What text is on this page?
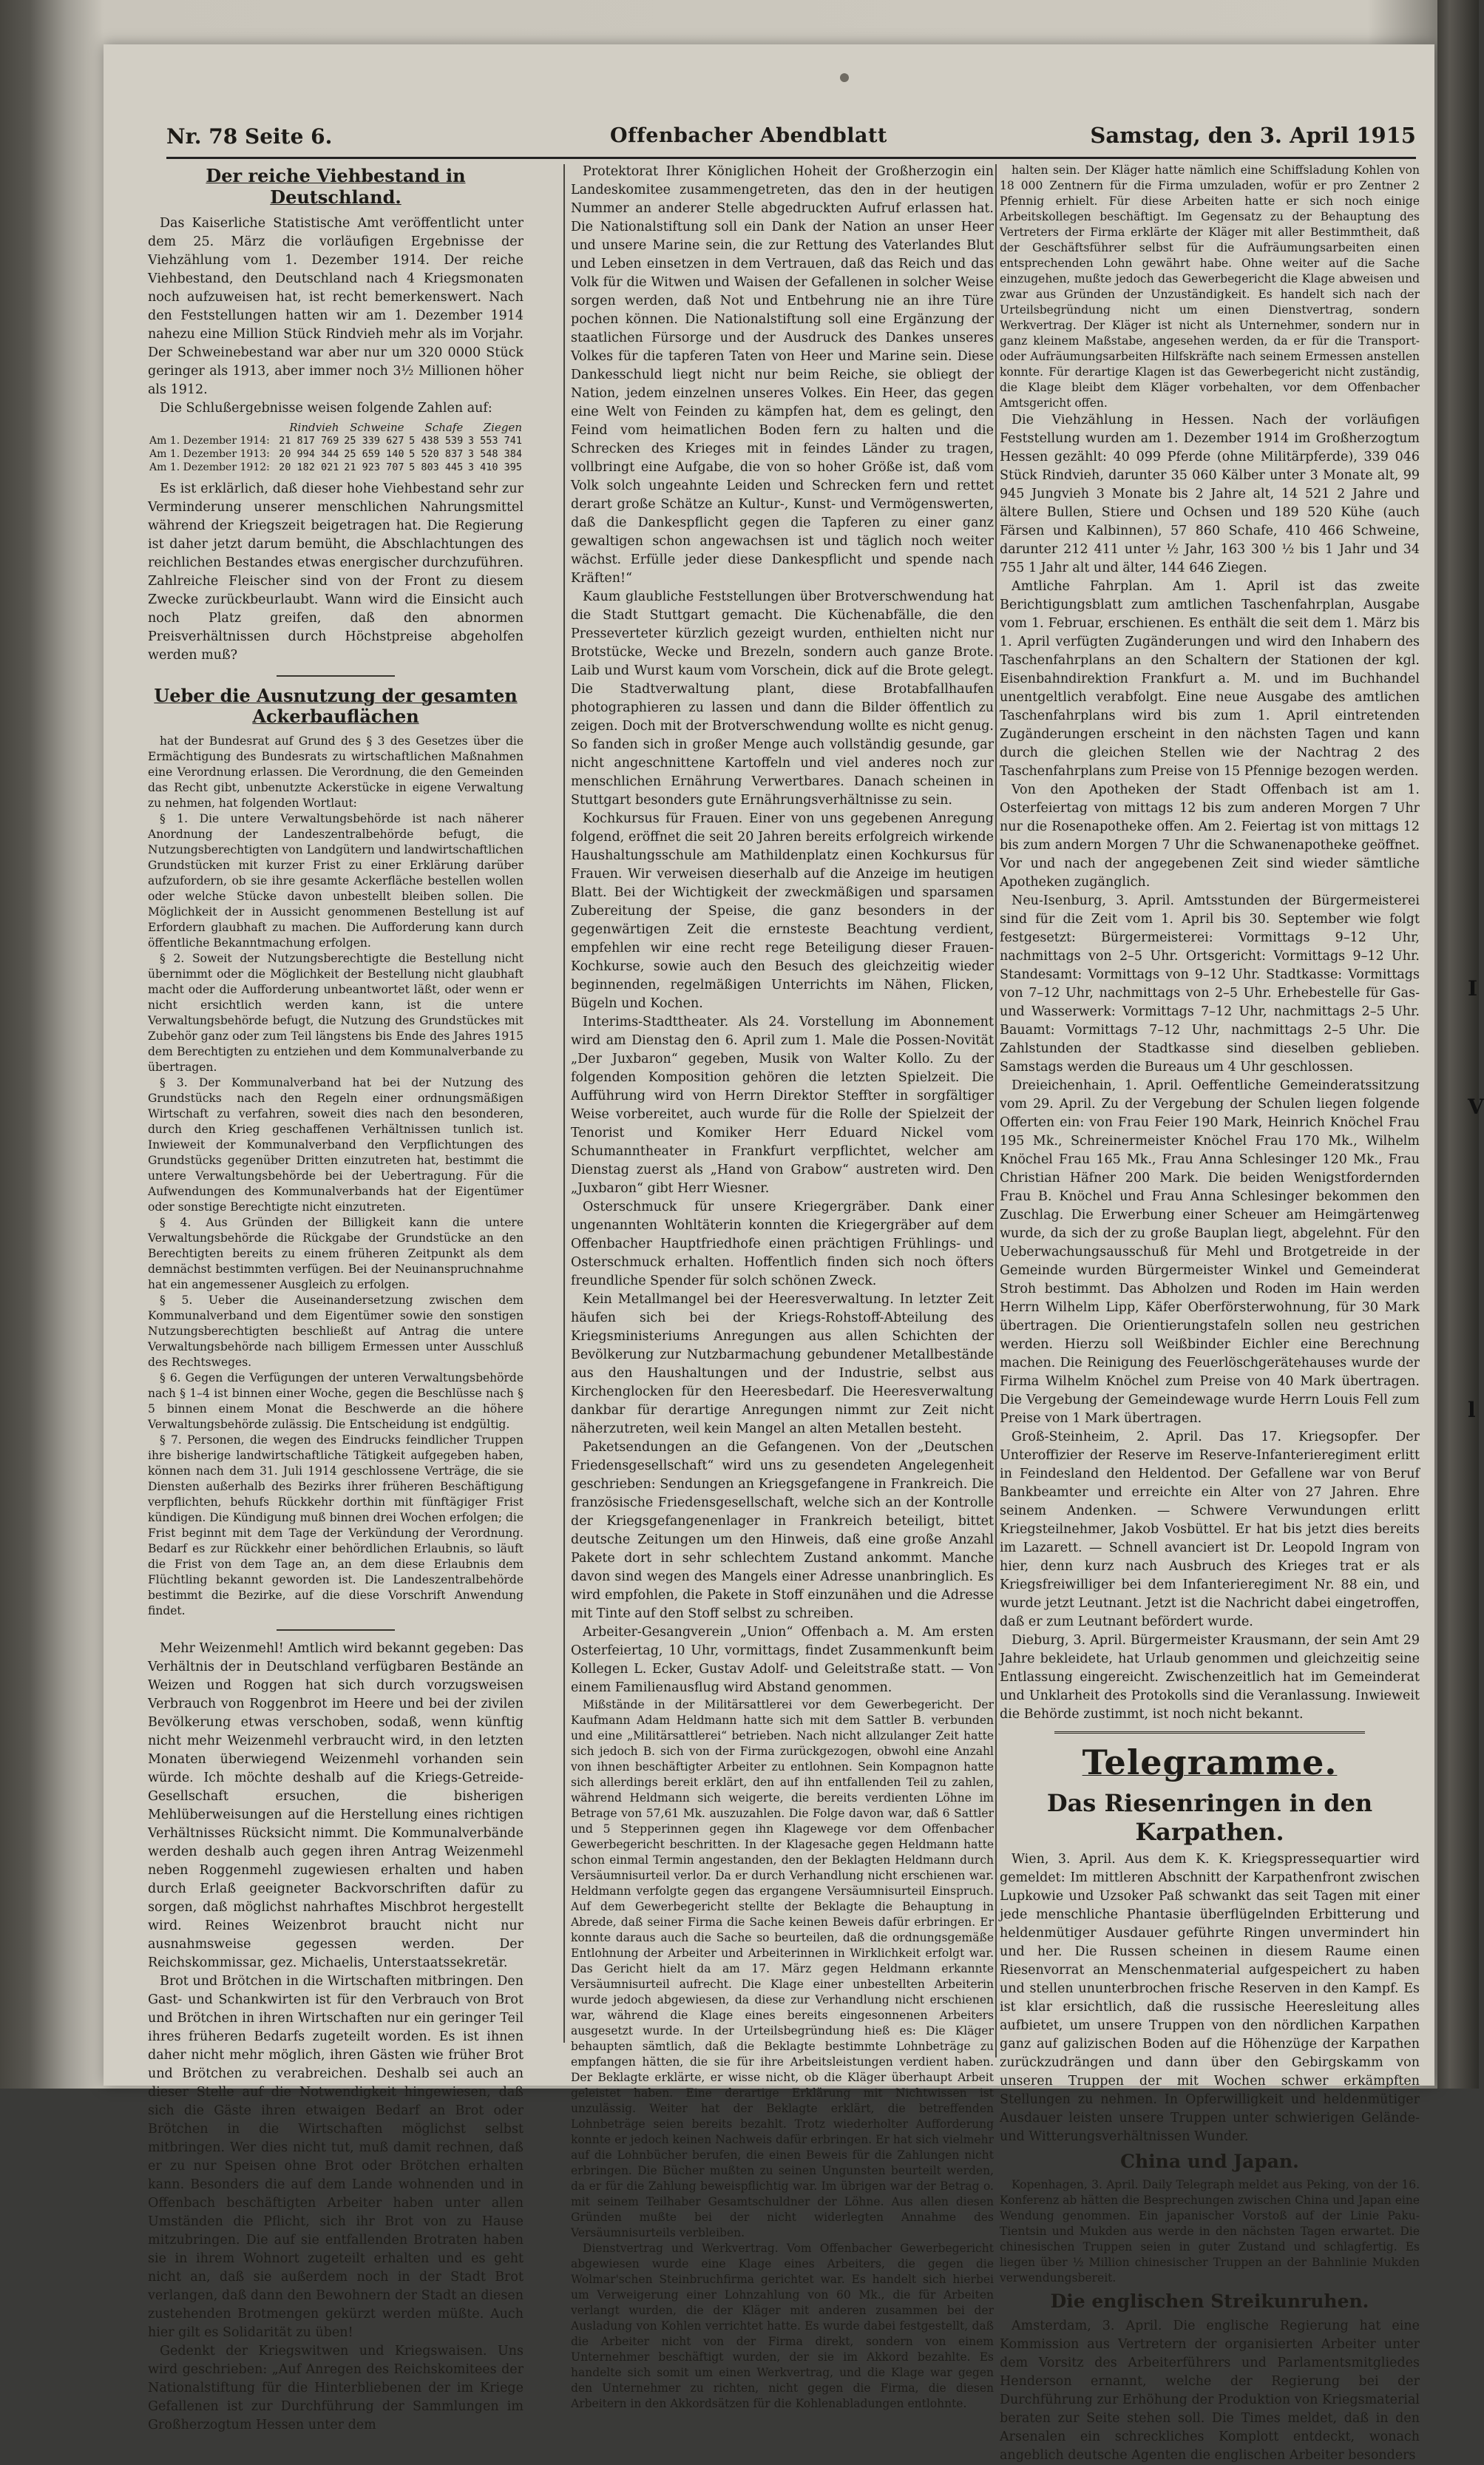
I
V
l
Nr. 78 Seite 6.	Offenbacher Abendblatt	Samstag, den 3. April 1915
Der reiche Viehbestand in Deutschland.

Das Kaiserliche Statistische Amt veröffentlicht unter dem 25. März die vorläufigen Ergebnisse der Viehzählung vom 1. Dezember 1914. Der reiche Viehbestand, den Deutschland nach 4 Kriegsmonaten noch aufzuweisen hat, ist recht bemerkenswert. Nach den Feststellungen hatten wir am 1. Dezember 1914 nahezu eine Million Stück Rindvieh mehr als im Vorjahr. Der Schweinebestand war aber nur um 320 0000 Stück geringer als 1913, aber immer noch 3½ Millionen höher als 1912.

Die Schlußergebnisse weisen folgende Zahlen auf:

	Rindvieh	Schweine	Schafe	Ziegen
Am 1. Dezember 1914:	21 817 769	25 339 627	5 438 539	3 553 741
Am 1. Dezember 1913:	20 994 344	25 659 140	5 520 837	3 548 384
Am 1. Dezember 1912:	20 182 021	21 923 707	5 803 445	3 410 395

Es ist erklärlich, daß dieser hohe Viehbestand sehr zur Verminderung unserer menschlichen Nahrungsmittel während der Kriegszeit beigetragen hat. Die Regierung ist daher jetzt darum bemüht, die Abschlachtungen des reichlichen Bestandes etwas energischer durchzuführen. Zahlreiche Fleischer sind von der Front zu diesem Zwecke zurückbeurlaubt. Wann wird die Einsicht auch noch Platz greifen, daß den abnormen Preisverhältnissen durch Höchstpreise abgeholfen werden muß?

Ueber die Ausnutzung der gesamten Ackerbauflächen

hat der Bundesrat auf Grund des § 3 des Gesetzes über die Ermächtigung des Bundesrats zu wirtschaftlichen Maßnahmen eine Verordnung erlassen. Die Verordnung, die den Gemeinden das Recht gibt, unbenutzte Ackerstücke in eigene Verwaltung zu nehmen, hat folgenden Wortlaut:

§ 1. Die untere Verwaltungsbehörde ist nach näherer Anordnung der Landeszentralbehörde befugt, die Nutzungsberechtigten von Landgütern und landwirtschaftlichen Grundstücken mit kurzer Frist zu einer Erklärung darüber aufzufordern, ob sie ihre gesamte Ackerfläche bestellen wollen oder welche Stücke davon unbestellt bleiben sollen. Die Möglichkeit der in Aussicht genommenen Bestellung ist auf Erfordern glaubhaft zu machen. Die Aufforderung kann durch öffentliche Bekanntmachung erfolgen.

§ 2. Soweit der Nutzungsberechtigte die Bestellung nicht übernimmt oder die Möglichkeit der Bestellung nicht glaubhaft macht oder die Aufforderung unbeantwortet läßt, oder wenn er nicht ersichtlich werden kann, ist die untere Verwaltungsbehörde befugt, die Nutzung des Grundstückes mit Zubehör ganz oder zum Teil längstens bis Ende des Jahres 1915 dem Berechtigten zu entziehen und dem Kommunalverbande zu übertragen.

§ 3. Der Kommunalverband hat bei der Nutzung des Grundstücks nach den Regeln einer ordnungsmäßigen Wirtschaft zu verfahren, soweit dies nach den besonderen, durch den Krieg geschaffenen Verhältnissen tunlich ist. Inwieweit der Kommunalverband den Verpflichtungen des Grundstücks gegenüber Dritten einzutreten hat, bestimmt die untere Verwaltungsbehörde bei der Uebertragung. Für die Aufwendungen des Kommunalverbands hat der Eigentümer oder sonstige Berechtigte nicht einzutreten.

§ 4. Aus Gründen der Billigkeit kann die untere Verwaltungsbehörde die Rückgabe der Grundstücke an den Berechtigten bereits zu einem früheren Zeitpunkt als dem demnächst bestimmten verfügen. Bei der Neuinanspruchnahme hat ein angemessener Ausgleich zu erfolgen.

§ 5. Ueber die Auseinandersetzung zwischen dem Kommunalverband und dem Eigentümer sowie den sonstigen Nutzungsberechtigten beschließt auf Antrag die untere Verwaltungsbehörde nach billigem Ermessen unter Ausschluß des Rechtsweges.

§ 6. Gegen die Verfügungen der unteren Verwaltungsbehörde nach § 1–4 ist binnen einer Woche, gegen die Beschlüsse nach § 5 binnen einem Monat die Beschwerde an die höhere Verwaltungsbehörde zulässig. Die Entscheidung ist endgültig.

§ 7. Personen, die wegen des Eindrucks feindlicher Truppen ihre bisherige landwirtschaftliche Tätigkeit aufgegeben haben, können nach dem 31. Juli 1914 geschlossene Verträge, die sie Diensten außerhalb des Bezirks ihrer früheren Beschäftigung verpflichten, behufs Rückkehr dorthin mit fünftägiger Frist kündigen. Die Kündigung muß binnen drei Wochen erfolgen; die Frist beginnt mit dem Tage der Verkündung der Verordnung. Bedarf es zur Rückkehr einer behördlichen Erlaubnis, so läuft die Frist von dem Tage an, an dem diese Erlaubnis dem Flüchtling bekannt geworden ist. Die Landeszentralbehörde bestimmt die Bezirke, auf die diese Vorschrift Anwendung findet.

Mehr Weizenmehl! Amtlich wird bekannt gegeben: Das Verhältnis der in Deutschland verfügbaren Bestände an Weizen und Roggen hat sich durch vorzugsweisen Verbrauch von Roggenbrot im Heere und bei der zivilen Bevölkerung etwas verschoben, sodaß, wenn künftig nicht mehr Weizenmehl verbraucht wird, in den letzten Monaten überwiegend Weizenmehl vorhanden sein würde. Ich möchte deshalb auf die Kriegs-Getreide-Gesellschaft ersuchen, die bisherigen Mehlüberweisungen auf die Herstellung eines richtigen Verhältnisses Rücksicht nimmt. Die Kommunalverbände werden deshalb auch gegen ihren Antrag Weizenmehl neben Roggenmehl zugewiesen erhalten und haben durch Erlaß geeigneter Backvorschriften dafür zu sorgen, daß möglichst nahrhaftes Mischbrot hergestellt wird. Reines Weizenbrot braucht nicht nur ausnahmsweise gegessen werden. Der Reichskommissar, gez. Michaelis, Unterstaatssekretär.

Brot und Brötchen in die Wirtschaften mitbringen. Den Gast- und Schankwirten ist für den Verbrauch von Brot und Brötchen in ihren Wirtschaften nur ein geringer Teil ihres früheren Bedarfs zugeteilt worden. Es ist ihnen daher nicht mehr möglich, ihren Gästen wie früher Brot und Brötchen zu verabreichen. Deshalb sei auch an dieser Stelle auf die Notwendigkeit hingewiesen, daß sich die Gäste ihren etwaigen Bedarf an Brot oder Brötchen in die Wirtschaften möglichst selbst mitbringen. Wer dies nicht tut, muß damit rechnen, daß er zu nur Speisen ohne Brot oder Brötchen erhalten kann. Besonders die auf dem Lande wohnenden und in Offenbach beschäftigten Arbeiter haben unter allen Umständen die Pflicht, sich ihr Brot von zu Hause mitzubringen. Die auf sie entfallenden Brotraten haben sie in ihrem Wohnort zugeteilt erhalten und es geht nicht an, daß sie außerdem noch in der Stadt Brot verlangen, daß dann den Bewohnern der Stadt an diesen zustehenden Brotmengen gekürzt werden müßte. Auch hier gilt es Solidarität zu üben!

Gedenkt der Kriegswitwen und Kriegswaisen. Uns wird geschrieben: „Auf Anregen des Reichskomitees der Nationalstiftung für die Hinterbliebenen der im Kriege Gefallenen ist zur Durchführung der Sammlungen im Großherzogtum Hessen unter dem

Protektorat Ihrer Königlichen Hoheit der Großherzogin ein Landeskomitee zusammengetreten, das den in der heutigen Nummer an anderer Stelle abgedruckten Aufruf erlassen hat. Die Nationalstiftung soll ein Dank der Nation an unser Heer und unsere Marine sein, die zur Rettung des Vaterlandes Blut und Leben einsetzen in dem Vertrauen, daß das Reich und das Volk für die Witwen und Waisen der Gefallenen in solcher Weise sorgen werden, daß Not und Entbehrung nie an ihre Türe pochen können. Die Nationalstiftung soll eine Ergänzung der staatlichen Fürsorge und der Ausdruck des Dankes unseres Volkes für die tapferen Taten von Heer und Marine sein. Diese Dankesschuld liegt nicht nur beim Reiche, sie obliegt der Nation, jedem einzelnen unseres Volkes. Ein Heer, das gegen eine Welt von Feinden zu kämpfen hat, dem es gelingt, den Feind vom heimatlichen Boden fern zu halten und die Schrecken des Krieges mit in feindes Länder zu tragen, vollbringt eine Aufgabe, die von so hoher Größe ist, daß vom Volk solch ungeahnte Leiden und Schrecken fern und rettet derart große Schätze an Kultur-, Kunst- und Vermögenswerten, daß die Dankespflicht gegen die Tapferen zu einer ganz gewaltigen schon angewachsen ist und täglich noch weiter wächst. Erfülle jeder diese Dankespflicht und spende nach Kräften!“

Kaum glaubliche Feststellungen über Brotverschwendung hat die Stadt Stuttgart gemacht. Die Küchenabfälle, die den Presseverteter kürzlich gezeigt wurden, enthielten nicht nur Brotstücke, Wecke und Brezeln, sondern auch ganze Brote. Laib und Wurst kaum vom Vorschein, dick auf die Brote gelegt. Die Stadtverwaltung plant, diese Brotabfallhaufen photographieren zu lassen und dann die Bilder öffentlich zu zeigen. Doch mit der Brotverschwendung wollte es nicht genug. So fanden sich in großer Menge auch vollständig gesunde, gar nicht angeschnittene Kartoffeln und viel anderes noch zur menschlichen Ernährung Verwertbares. Danach scheinen in Stuttgart besonders gute Ernährungsverhältnisse zu sein.

Kochkursus für Frauen. Einer von uns gegebenen Anregung folgend, eröffnet die seit 20 Jahren bereits erfolgreich wirkende Haushaltungsschule am Mathildenplatz einen Kochkursus für Frauen. Wir verweisen dieserhalb auf die Anzeige im heutigen Blatt. Bei der Wichtigkeit der zweckmäßigen und sparsamen Zubereitung der Speise, die ganz besonders in der gegenwärtigen Zeit die ernsteste Beachtung verdient, empfehlen wir eine recht rege Beteiligung dieser Frauen-Kochkurse, sowie auch den Besuch des gleichzeitig wieder beginnenden, regelmäßigen Unterrichts im Nähen, Flicken, Bügeln und Kochen.

Interims-Stadttheater. Als 24. Vorstellung im Abonnement wird am Dienstag den 6. April zum 1. Male die Possen-Novität „Der Juxbaron“ gegeben, Musik von Walter Kollo. Zu der folgenden Komposition gehören die letzten Spielzeit. Die Aufführung wird von Herrn Direktor Steffter in sorgfältiger Weise vorbereitet, auch wurde für die Rolle der Spielzeit der Tenorist und Komiker Herr Eduard Nickel vom Schumanntheater in Frankfurt verpflichtet, welcher am Dienstag zuerst als „Hand von Grabow“ austreten wird. Den „Juxbaron“ gibt Herr Wiesner.

Osterschmuck für unsere Kriegergräber. Dank einer ungenannten Wohltäterin konnten die Kriegergräber auf dem Offenbacher Hauptfriedhofe einen prächtigen Frühlings- und Osterschmuck erhalten. Hoffentlich finden sich noch öfters freundliche Spender für solch schönen Zweck.

Kein Metallmangel bei der Heeresverwaltung. In letzter Zeit häufen sich bei der Kriegs-Rohstoff-Abteilung des Kriegsministeriums Anregungen aus allen Schichten der Bevölkerung zur Nutzbarmachung gebundener Metallbestände aus den Haushaltungen und der Industrie, selbst aus Kirchenglocken für den Heeresbedarf. Die Heeresverwaltung dankbar für derartige Anregungen nimmt zur Zeit nicht näherzutreten, weil kein Mangel an alten Metallen besteht.

Paketsendungen an die Gefangenen. Von der „Deutschen Friedensgesellschaft“ wird uns zu gesendeten Angelegenheit geschrieben: Sendungen an Kriegsgefangene in Frankreich. Die französische Friedensgesellschaft, welche sich an der Kontrolle der Kriegsgefangenenlager in Frankreich beteiligt, bittet deutsche Zeitungen um den Hinweis, daß eine große Anzahl Pakete dort in sehr schlechtem Zustand ankommt. Manche davon sind wegen des Mangels einer Adresse unanbringlich. Es wird empfohlen, die Pakete in Stoff einzunähen und die Adresse mit Tinte auf den Stoff selbst zu schreiben.

Arbeiter-Gesangverein „Union“ Offenbach a. M. Am ersten Osterfeiertag, 10 Uhr, vormittags, findet Zusammenkunft beim Kollegen L. Ecker, Gustav Adolf- und Geleitstraße statt. — Von einem Familienausflug wird Abstand genommen.

Mißstände in der Militärsattlerei vor dem Gewerbegericht. Der Kaufmann Adam Heldmann hatte sich mit dem Sattler B. verbunden und eine „Militärsattlerei“ betrieben. Nach nicht allzulanger Zeit hatte sich jedoch B. sich von der Firma zurückgezogen, obwohl eine Anzahl von ihnen beschäftigter Arbeiter zu entlohnen. Sein Kompagnon hatte sich allerdings bereit erklärt, den auf ihn entfallenden Teil zu zahlen, während Heldmann sich weigerte, die bereits verdienten Löhne im Betrage von 57,61 Mk. auszuzahlen. Die Folge davon war, daß 6 Sattler und 5 Stepperinnen gegen ihn Klagewege vor dem Offenbacher Gewerbegericht beschritten. In der Klagesache gegen Heldmann hatte schon einmal Termin angestanden, den der Beklagten Heldmann durch Versäumnisurteil verlor. Da er durch Verhandlung nicht erschienen war. Heldmann verfolgte gegen das ergangene Versäumnisurteil Einspruch. Auf dem Gewerbegericht stellte der Beklagte die Behauptung in Abrede, daß seiner Firma die Sache keinen Beweis dafür erbringen. Er konnte daraus auch die Sache so beurteilen, daß die ordnungsgemäße Entlohnung der Arbeiter und Arbeiterinnen in Wirklichkeit erfolgt war. Das Gericht hielt da am 17. März gegen Heldmann erkannte Versäumnisurteil aufrecht. Die Klage einer unbestellten Arbeiterin wurde jedoch abgewiesen, da diese zur Verhandlung nicht erschienen war, während die Klage eines bereits eingesonnenen Arbeiters ausgesetzt wurde. In der Urteilsbegründung hieß es: Die Kläger behaupten sämtlich, daß die Beklagte bestimmte Lohnbeträge zu empfangen hätten, die sie für ihre Arbeitsleistungen verdient haben. Der Beklagte erklärte, er wisse nicht, ob die Kläger überhaupt Arbeit geleistet haben. Eine derartige Erklärung mit Nichtwissen ist unzulässig. Weiter hat der Beklagte erklärt, die betreffenden Lohnbeträge seien bereits bezahlt. Trotz wiederholter Aufforderung konnte er jedoch keinen Nachweis dafür erbringen. Er hat sich vielmehr auf die Lohnbücher berufen, die einen Beweis für die Zahlungen nicht erbringen. Die Bücher mußten zu seinen Ungunsten beurteilt werden, da er für die Zahlung beweispflichtig war. Im übrigen war der Betrag o. mit seinem Teilhaber Gesamtschuldner der Löhne. Aus allen diesen Gründen mußte bei der nicht widerlegten Annahme des Versäumnisurteils verbleiben.

Dienstvertrag und Werkvertrag. Vom Offenbacher Gewerbegericht abgewiesen wurde eine Klage eines Arbeiters, die gegen die Wolmar'schen Steinbruchfirma gerichtet war. Es handelt sich hierbei um Verweigerung einer Lohnzahlung von 60 Mk., die für Arbeiten verlangt wurden, die der Kläger mit anderen zusammen bei der Ausladung von Kohlen verrichtet hatte. Es wurde dabei festgestellt, daß die Arbeiter nicht von der Firma direkt, sondern von einem Unternehmer beschäftigt wurden, der sie im Akkord bezahlte. Es handelte sich somit um einen Werkvertrag, und die Klage war gegen den Unternehmer zu richten, nicht gegen die Firma, die diesen Arbeitern in den Akkordsätzen für die Kohlenabladungen entlohnte.

halten sein. Der Kläger hatte nämlich eine Schiffsladung Kohlen von 18 000 Zentnern für die Firma umzuladen, wofür er pro Zentner 2 Pfennig erhielt. Für diese Arbeiten hatte er sich noch einige Arbeitskollegen beschäftigt. Im Gegensatz zu der Behauptung des Vertreters der Firma erklärte der Kläger mit aller Bestimmtheit, daß der Geschäftsführer selbst für die Aufräumungsarbeiten einen entsprechenden Lohn gewährt habe. Ohne weiter auf die Sache einzugehen, mußte jedoch das Gewerbegericht die Klage abweisen und zwar aus Gründen der Unzuständigkeit. Es handelt sich nach der Urteilsbegründung nicht um einen Dienstvertrag, sondern Werkvertrag. Der Kläger ist nicht als Unternehmer, sondern nur in ganz kleinem Maßstabe, angesehen werden, da er für die Transport- oder Aufräumungsarbeiten Hilfskräfte nach seinem Ermessen anstellen konnte. Für derartige Klagen ist das Gewerbegericht nicht zuständig, die Klage bleibt dem Kläger vorbehalten, vor dem Offenbacher Amtsgericht offen.

Die Viehzählung in Hessen. Nach der vorläufigen Feststellung wurden am 1. Dezember 1914 im Großherzogtum Hessen gezählt: 40 099 Pferde (ohne Militärpferde), 339 046 Stück Rindvieh, darunter 35 060 Kälber unter 3 Monate alt, 99 945 Jungvieh 3 Monate bis 2 Jahre alt, 14 521 2 Jahre und ältere Bullen, Stiere und Ochsen und 189 520 Kühe (auch Färsen und Kalbinnen), 57 860 Schafe, 410 466 Schweine, darunter 212 411 unter ½ Jahr, 163 300 ½ bis 1 Jahr und 34 755 1 Jahr alt und älter, 144 646 Ziegen.

Amtliche Fahrplan. Am 1. April ist das zweite Berichtigungsblatt zum amtlichen Taschenfahrplan, Ausgabe vom 1. Februar, erschienen. Es enthält die seit dem 1. März bis 1. April verfügten Zugänderungen und wird den Inhabern des Taschenfahrplans an den Schaltern der Stationen der kgl. Eisenbahndirektion Frankfurt a. M. und im Buchhandel unentgeltlich verabfolgt. Eine neue Ausgabe des amtlichen Taschenfahrplans wird bis zum 1. April eintretenden Zugänderungen erscheint in den nächsten Tagen und kann durch die gleichen Stellen wie der Nachtrag 2 des Taschenfahrplans zum Preise von 15 Pfennige bezogen werden.

Von den Apotheken der Stadt Offenbach ist am 1. Osterfeiertag von mittags 12 bis zum anderen Morgen 7 Uhr nur die Rosenapotheke offen. Am 2. Feiertag ist von mittags 12 bis zum andern Morgen 7 Uhr die Schwanenapotheke geöffnet. Vor und nach der angegebenen Zeit sind wieder sämtliche Apotheken zugänglich.

Neu-Isenburg, 3. April. Amtsstunden der Bürgermeisterei sind für die Zeit vom 1. April bis 30. September wie folgt festgesetzt: Bürgermeisterei: Vormittags 9–12 Uhr, nachmittags von 2–5 Uhr. Ortsgericht: Vormittags 9–12 Uhr. Standesamt: Vormittags von 9–12 Uhr. Stadtkasse: Vormittags von 7–12 Uhr, nachmittags von 2–5 Uhr. Erhebestelle für Gas- und Wasserwerk: Vormittags 7–12 Uhr, nachmittags 2–5 Uhr. Bauamt: Vormittags 7–12 Uhr, nachmittags 2–5 Uhr. Die Zahlstunden der Stadtkasse sind dieselben geblieben. Samstags werden die Bureaus um 4 Uhr geschlossen.

Dreieichenhain, 1. April. Oeffentliche Gemeinderatssitzung vom 29. April. Zu der Vergebung der Schulen liegen folgende Offerten ein: von Frau Feier 190 Mark, Heinrich Knöchel Frau 195 Mk., Schreinermeister Knöchel Frau 170 Mk., Wilhelm Knöchel Frau 165 Mk., Frau Anna Schlesinger 120 Mk., Frau Christian Häfner 200 Mark. Die beiden Wenigstfordernden Frau B. Knöchel und Frau Anna Schlesinger bekommen den Zuschlag. Die Erwerbung einer Scheuer am Heimgärtenweg wurde, da sich der zu große Bauplan liegt, abgelehnt. Für den Ueberwachungsausschuß für Mehl und Brotgetreide in der Gemeinde wurden Bürgermeister Winkel und Gemeinderat Stroh bestimmt. Das Abholzen und Roden im Hain werden Herrn Wilhelm Lipp, Käfer Oberförsterwohnung, für 30 Mark übertragen. Die Orientierungstafeln sollen neu gestrichen werden. Hierzu soll Weißbinder Eichler eine Berechnung machen. Die Reinigung des Feuerlöschgerätehauses wurde der Firma Wilhelm Knöchel zum Preise von 40 Mark übertragen. Die Vergebung der Gemeindewage wurde Herrn Louis Fell zum Preise von 1 Mark übertragen.

Groß-Steinheim, 2. April. Das 17. Kriegsopfer. Der Unteroffizier der Reserve im Reserve-Infanterieregiment erlitt in Feindesland den Heldentod. Der Gefallene war von Beruf Bankbeamter und erreichte ein Alter von 27 Jahren. Ehre seinem Andenken. — Schwere Verwundungen erlitt Kriegsteilnehmer, Jakob Vosbüttel. Er hat bis jetzt dies bereits im Lazarett. — Schnell avanciert ist Dr. Leopold Ingram von hier, denn kurz nach Ausbruch des Krieges trat er als Kriegsfreiwilliger bei dem Infanterieregiment Nr. 88 ein, und wurde jetzt Leutnant. Jetzt ist die Nachricht dabei eingetroffen, daß er zum Leutnant befördert wurde.

Dieburg, 3. April. Bürgermeister Krausmann, der sein Amt 29 Jahre bekleidete, hat Urlaub genommen und gleichzeitig seine Entlassung eingereicht. Zwischenzeitlich hat im Gemeinderat und Unklarheit des Protokolls sind die Veranlassung. Inwieweit die Behörde zustimmt, ist noch nicht bekannt.

Telegramme.
Das Riesenringen in den Karpathen.

Wien, 3. April. Aus dem K. K. Kriegspressequartier wird gemeldet: Im mittleren Abschnitt der Karpathenfront zwischen Lupkowie und Uzsoker Paß schwankt das seit Tagen mit einer jede menschliche Phantasie überflügelnden Erbitterung und heldenmütiger Ausdauer geführte Ringen unvermindert hin und her. Die Russen scheinen in diesem Raume einen Riesenvorrat an Menschenmaterial aufgespeichert zu haben und stellen ununterbrochen frische Reserven in den Kampf. Es ist klar ersichtlich, daß die russische Heeresleitung alles aufbietet, um unsere Truppen von den nördlichen Karpathen ganz auf galizischen Boden auf die Höhenzüge der Karpathen zurückzudrängen und dann über den Gebirgskamm von unseren Truppen der mit Wochen schwer erkämpften Stellungen zu nehmen. In Opferwilligkeit und heldenmütiger Ausdauer leisten unsere Truppen unter schwierigen Gelände- und Witterungsverhältnissen Wunder.

China und Japan.

Kopenhagen, 3. April. Daily Telegraph meldet aus Peking, von der 16. Konferenz ab hätten die Besprechungen zwischen China und Japan eine Wendung genommen. Ein japanischer Vorstoß auf der Linie Paku-Tientsin und Mukden aus werde in den nächsten Tagen erwartet. Die chinesischen Truppen seien in guter Zustand und schlagfertig. Es liegen über ½ Million chinesischer Truppen an der Bahnlinie Mukden verwendungsbereit.

Die englischen Streikunruhen.

Amsterdam, 3. April. Die englische Regierung hat eine Kommission aus Vertretern der organisierten Arbeiter unter dem Vorsitz des Arbeiterführers und Parlamentsmitgliedes Henderson ernannt, welche der Regierung bei der Durchführung zur Erhöhung der Produktion von Kriegsmaterial beraten zur Seite stehen soll. Die Times meldet, daß in den Arsenalen ein schreckliches Komplott entdeckt, wonach angeblich deutsche Agenten die englischen Arbeiter besonders
